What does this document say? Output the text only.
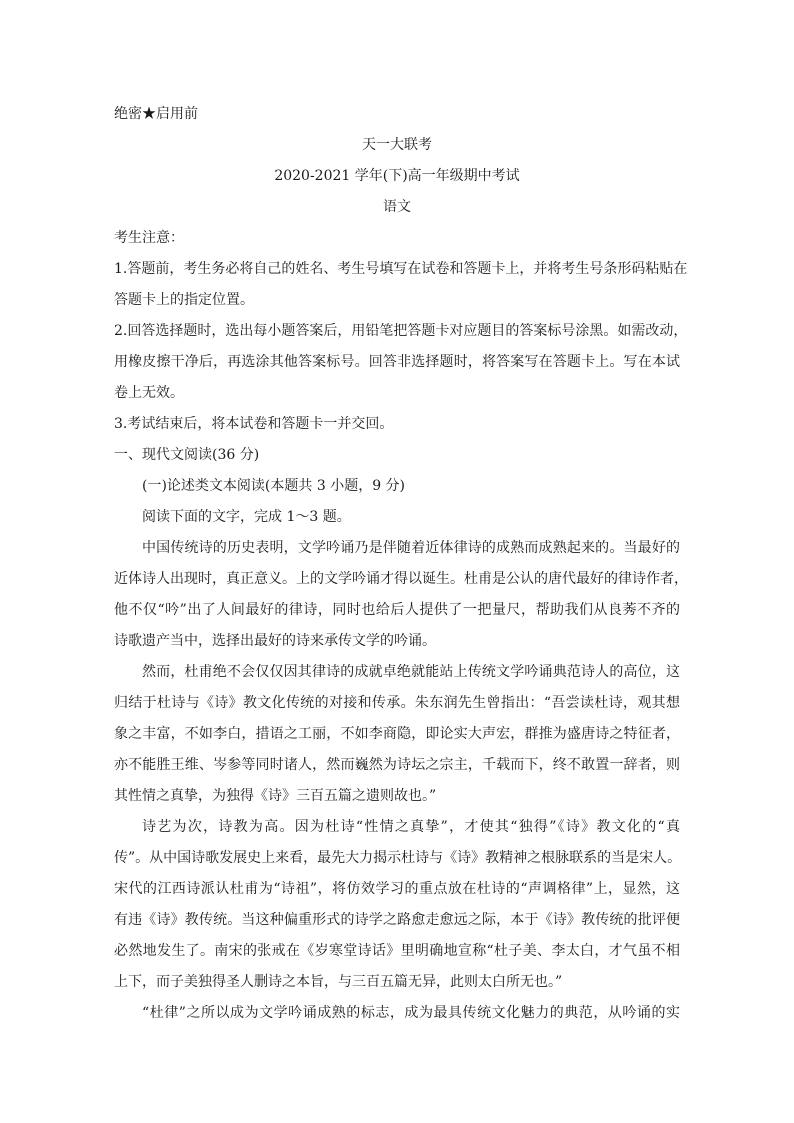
绝密★启用前
天一大联考
2020-2021 学年(下)高一年级期中考试
语文
考生注意：
1.答题前，考生务必将自己的姓名、考生号填写在试卷和答题卡上，并将考生号条形码粘贴在
答题卡上的指定位置。
2.回答选择题时，选出每小题答案后，用铅笔把答题卡对应题目的答案标号涂黑。如需改动，
用橡皮擦干净后，再选涂其他答案标号。回答非选择题时，将答案写在答题卡上。写在本试
卷上无效。
3.考试结束后，将本试卷和答题卡一并交回。
一、现代文阅读(36 分)
(一)论述类文本阅读(本题共 3 小题，9 分)
阅读下面的文字，完成 1～3 题。
中国传统诗的历史表明，文学吟诵乃是伴随着近体律诗的成熟而成熟起来的。当最好的
近体诗人出现时，真正意义。上的文学吟诵才得以诞生。杜甫是公认的唐代最好的律诗作者，
他不仅“吟”出了人间最好的律诗，同时也给后人提供了一把量尺，帮助我们从良莠不齐的
诗歌遗产当中，选择出最好的诗来承传文学的吟诵。
然而，杜甫绝不会仅仅因其律诗的成就卓绝就能站上传统文学吟诵典范诗人的高位，这
归结于杜诗与《诗》教文化传统的对接和传承。朱东润先生曾指出：“吾尝读杜诗，观其想
象之丰富，不如李白，措语之工丽，不如李商隐，即论实大声宏，群推为盛唐诗之特征者，
亦不能胜王维、岑参等同时诸人，然而巍然为诗坛之宗主，千载而下，终不敢置一辞者，则
其性情之真挚，为独得《诗》三百五篇之遗则故也。”
诗艺为次，诗教为高。因为杜诗“性情之真挚”，才使其“独得”《诗》教文化的“真
传”。从中国诗歌发展史上来看，最先大力揭示杜诗与《诗》教精神之根脉联系的当是宋人。
宋代的江西诗派认杜甫为“诗祖”，将仿效学习的重点放在杜诗的“声调格律”上，显然，这
有违《诗》教传统。当这种偏重形式的诗学之路愈走愈远之际，本于《诗》教传统的批评便
必然地发生了。南宋的张戒在《岁寒堂诗话》里明确地宣称“杜子美、李太白，才气虽不相
上下，而子美独得圣人删诗之本旨，与三百五篇无异，此则太白所无也。”
“杜律”之所以成为文学吟诵成熟的标志，成为最具传统文化魅力的典范，从吟诵的实
